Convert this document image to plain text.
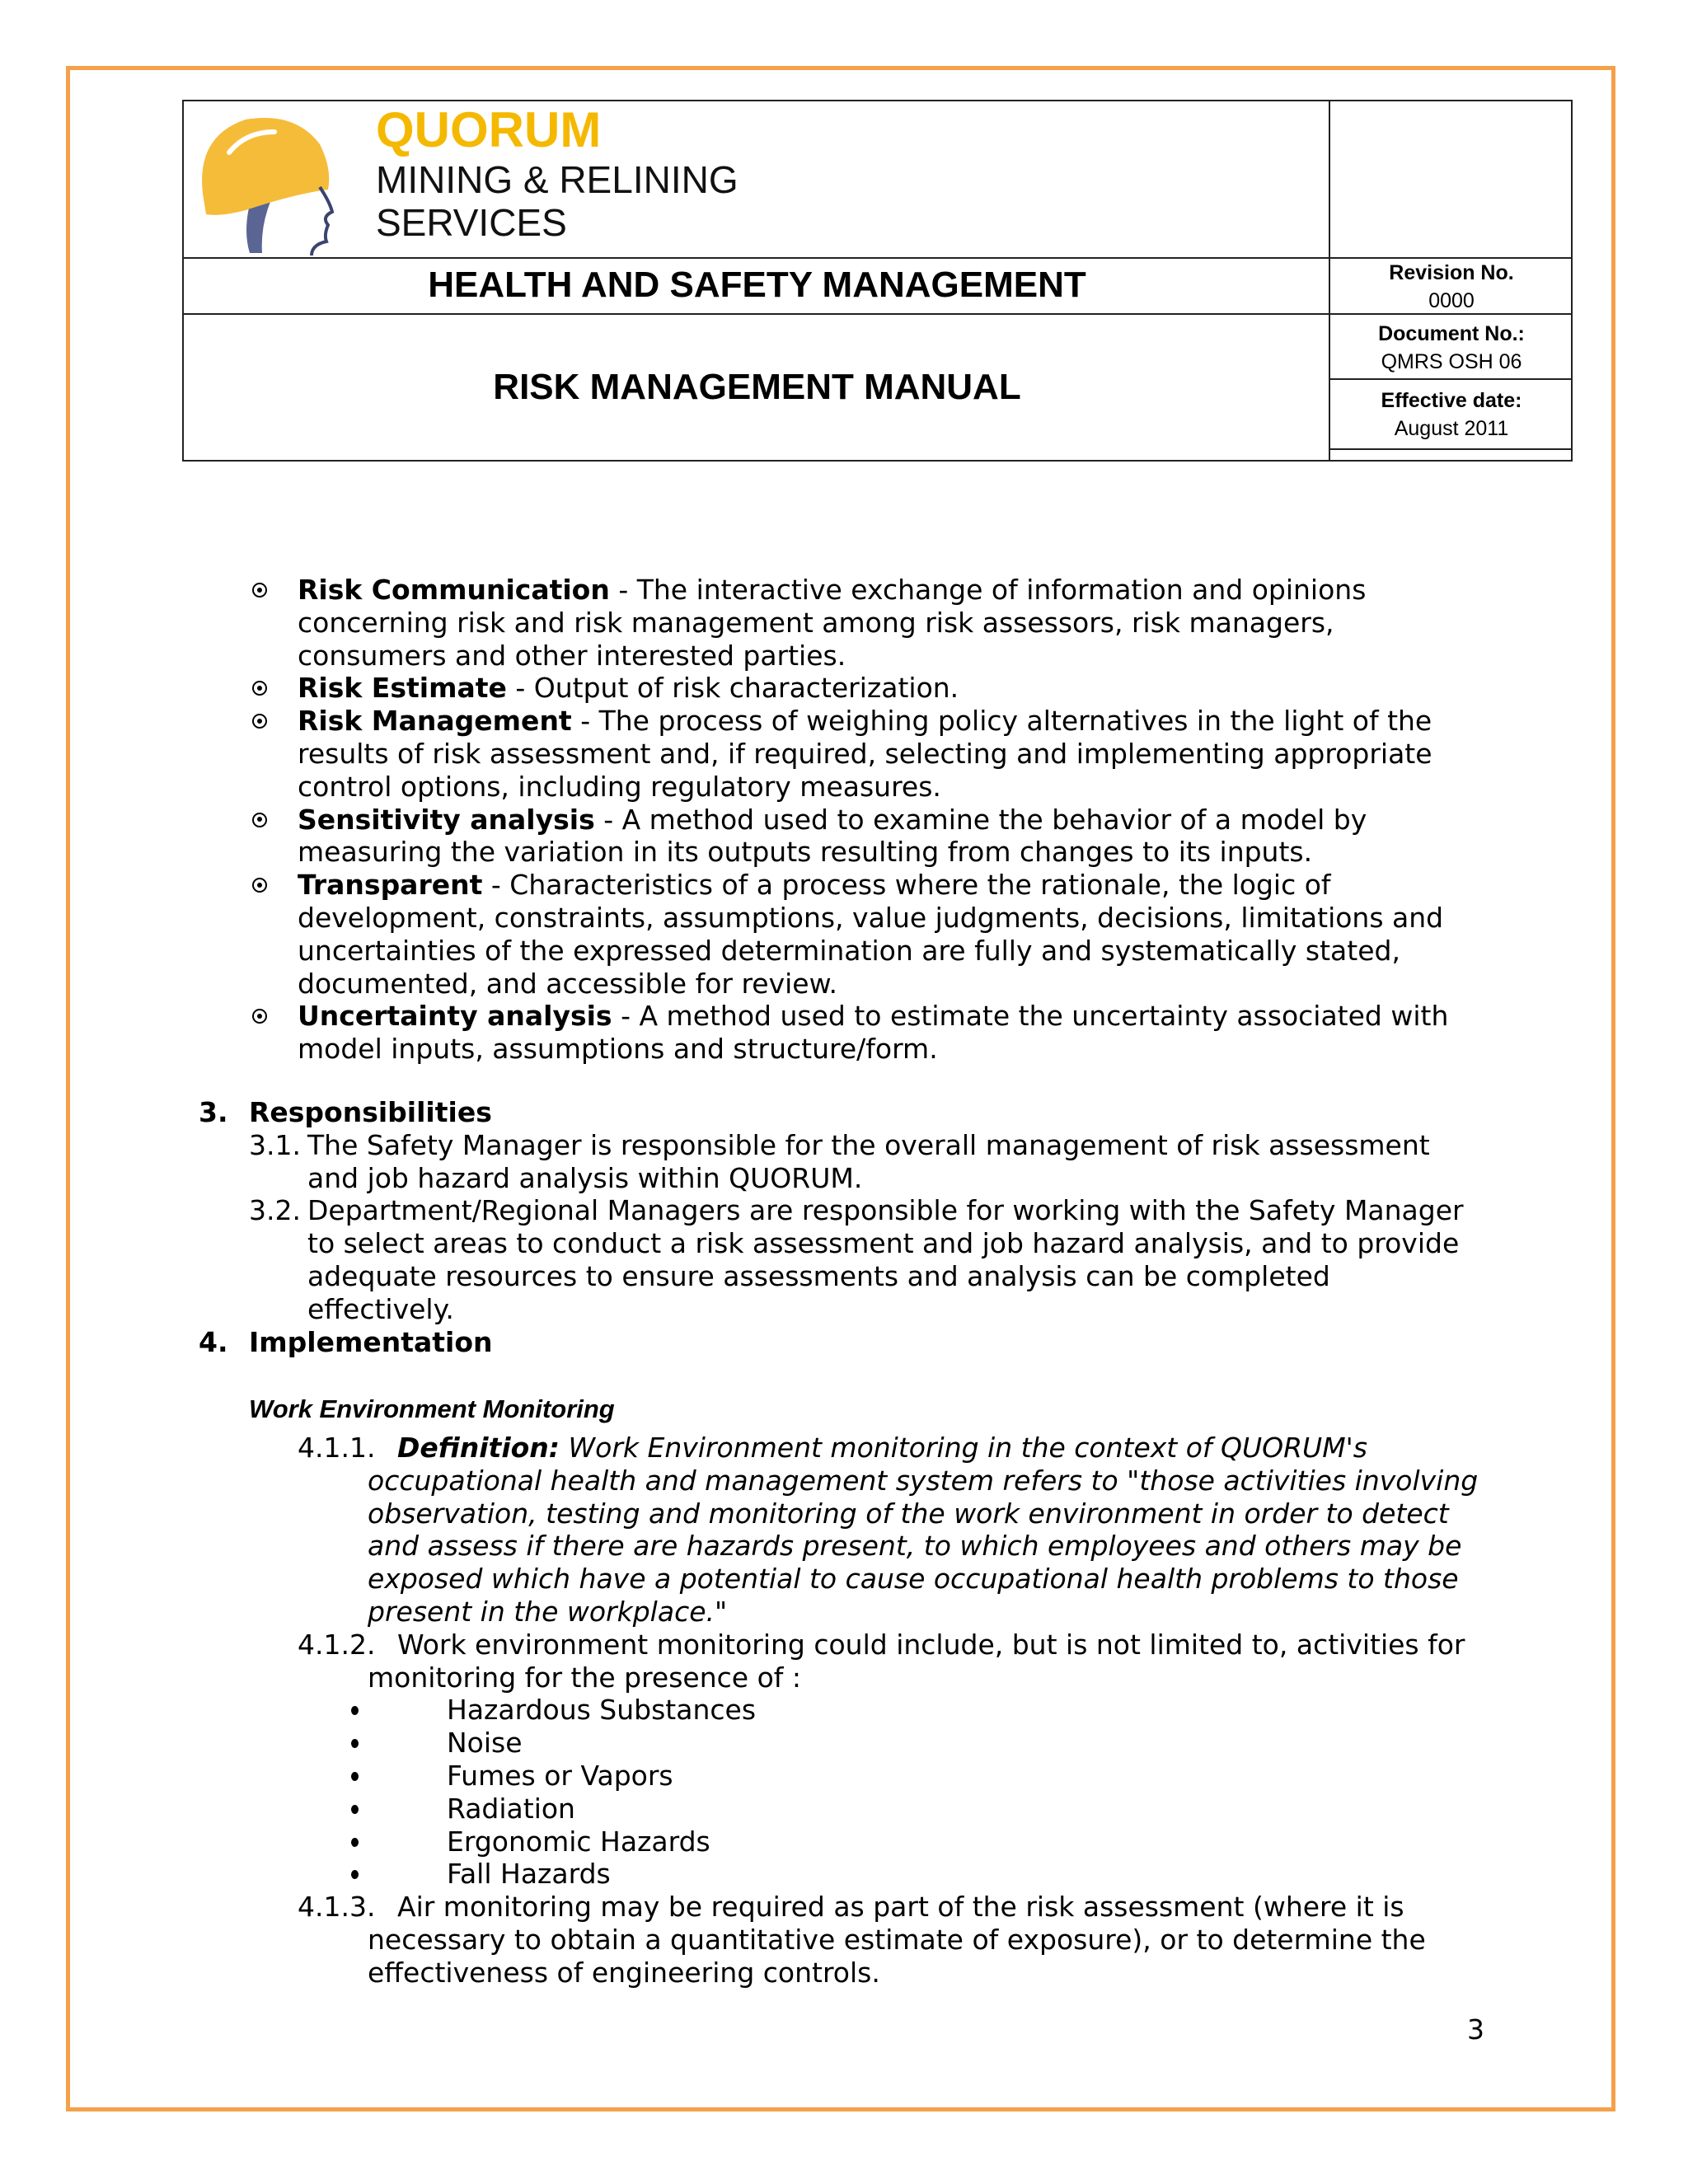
QUORUM
MINING & RELINING
SERVICES
HEALTH AND SAFETY MANAGEMENT
RISK MANAGEMENT MANUAL
Revision No.
0000
Document No.:
QMRS OSH 06
Effective date:
August 2011
Risk Communication - The interactive exchange of information and opinions
concerning risk and risk management among risk assessors, risk managers,
consumers and other interested parties.
Risk Estimate - Output of risk characterization.
Risk Management - The process of weighing policy alternatives in the light of the
results of risk assessment and, if required, selecting and implementing appropriate
control options, including regulatory measures.
Sensitivity analysis - A method used to examine the behavior of a model by
measuring the variation in its outputs resulting from changes to its inputs.
Transparent - Characteristics of a process where the rationale, the logic of
development, constraints, assumptions, value judgments, decisions, limitations and
uncertainties of the expressed determination are fully and systematically stated,
documented, and accessible for review.
Uncertainty analysis - A method used to estimate the uncertainty associated with
model inputs, assumptions and structure/form.
3. Responsibilities
3.1. The Safety Manager is responsible for the overall management of risk assessment
and job hazard analysis within QUORUM.
3.2. Department/Regional Managers are responsible for working with the Safety Manager
to select areas to conduct a risk assessment and job hazard analysis, and to provide
adequate resources to ensure assessments and analysis can be completed
effectively.
4. Implementation
Work Environment Monitoring
4.1.1. Definition: Work Environment monitoring in the context of QUORUM's
occupational health and management system refers to "those activities involving
observation, testing and monitoring of the work environment in order to detect
and assess if there are hazards present, to which employees and others may be
exposed which have a potential to cause occupational health problems to those
present in the workplace."
4.1.2. Work environment monitoring could include, but is not limited to, activities for
monitoring for the presence of :
Hazardous Substances
Noise
Fumes or Vapors
Radiation
Ergonomic Hazards
Fall Hazards
4.1.3. Air monitoring may be required as part of the risk assessment (where it is
necessary to obtain a quantitative estimate of exposure), or to determine the
effectiveness of engineering controls.
3
